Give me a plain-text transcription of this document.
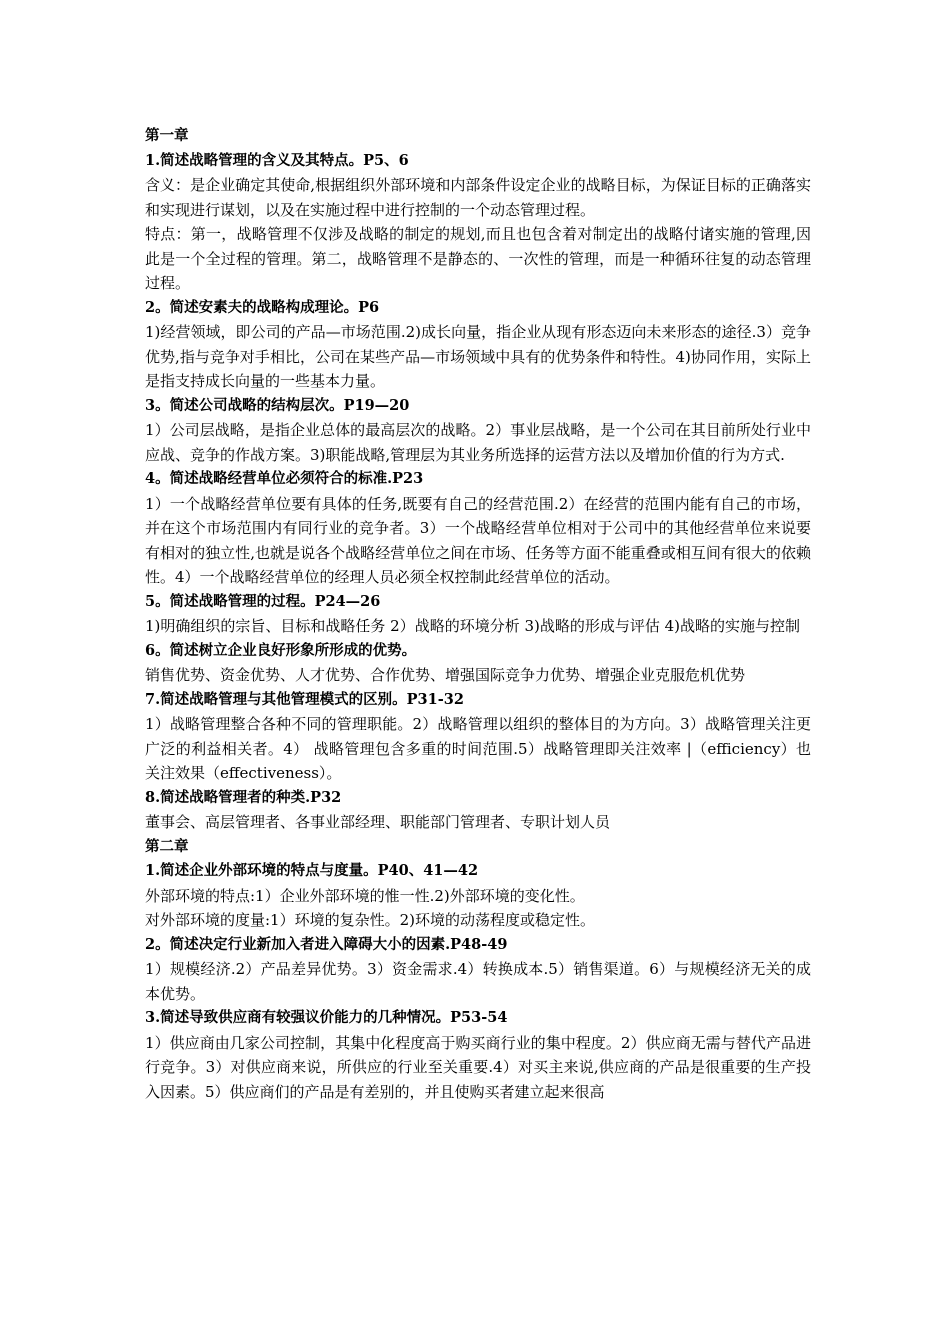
第一章
1.简述战略管理的含义及其特点。P5、6
含义：是企业确定其使命,根据组织外部环境和内部条件设定企业的战略目标，为保证目标的正确落实和实现进行谋划，以及在实施过程中进行控制的一个动态管理过程。
特点：第一，战略管理不仅涉及战略的制定的规划,而且也包含着对制定出的战略付诸实施的管理,因此是一个全过程的管理。第二，战略管理不是静态的、一次性的管理，而是一种循环往复的动态管理过程。
2。简述安素夫的战略构成理论。P6
1)经营领域，即公司的产品—市场范围.2)成长向量，指企业从现有形态迈向未来形态的途径.3）竞争优势,指与竞争对手相比，公司在某些产品—市场领域中具有的优势条件和特性。4)协同作用，实际上是指支持成长向量的一些基本力量。
3。简述公司战略的结构层次。P19—20
1）公司层战略，是指企业总体的最高层次的战略。2）事业层战略，是一个公司在其目前所处行业中应战、竞争的作战方案。3)职能战略,管理层为其业务所选择的运营方法以及增加价值的行为方式.
4。简述战略经营单位必须符合的标准.P23
1）一个战略经营单位要有具体的任务,既要有自己的经营范围.2）在经营的范围内能有自己的市场，并在这个市场范围内有同行业的竞争者。3）一个战略经营单位相对于公司中的其他经营单位来说要有相对的独立性,也就是说各个战略经营单位之间在市场、任务等方面不能重叠或相互间有很大的依赖性。4）一个战略经营单位的经理人员必须全权控制此经营单位的活动。
5。简述战略管理的过程。P24—26
1)明确组织的宗旨、目标和战略任务 2）战略的环境分析 3)战略的形成与评估 4)战略的实施与控制
6。简述树立企业良好形象所形成的优势。
销售优势、资金优势、人才优势、合作优势、增强国际竞争力优势、增强企业克服危机优势
7.简述战略管理与其他管理模式的区别。P31-32
1）战略管理整合各种不同的管理职能。2）战略管理以组织的整体目的为方向。3）战略管理关注更广泛的利益相关者。4） 战略管理包含多重的时间范围.5）战略管理即关注效率 |（efficiency）也关注效果（effectiveness）。
8.简述战略管理者的种类.P32
董事会、高层管理者、各事业部经理、职能部门管理者、专职计划人员
第二章
1.简述企业外部环境的特点与度量。P40、41—42
外部环境的特点:1）企业外部环境的惟一性.2)外部环境的变化性。
对外部环境的度量:1）环境的复杂性。2)环境的动荡程度或稳定性。
2。简述决定行业新加入者进入障碍大小的因素.P48-49
1）规模经济.2）产品差异优势。3）资金需求.4）转换成本.5）销售渠道。6）与规模经济无关的成本优势。
3.简述导致供应商有较强议价能力的几种情况。P53-54
1）供应商由几家公司控制，其集中化程度高于购买商行业的集中程度。2）供应商无需与替代产品进行竞争。3）对供应商来说，所供应的行业至关重要.4）对买主来说,供应商的产品是很重要的生产投入因素。5）供应商们的产品是有差别的，并且使购买者建立起来很高
